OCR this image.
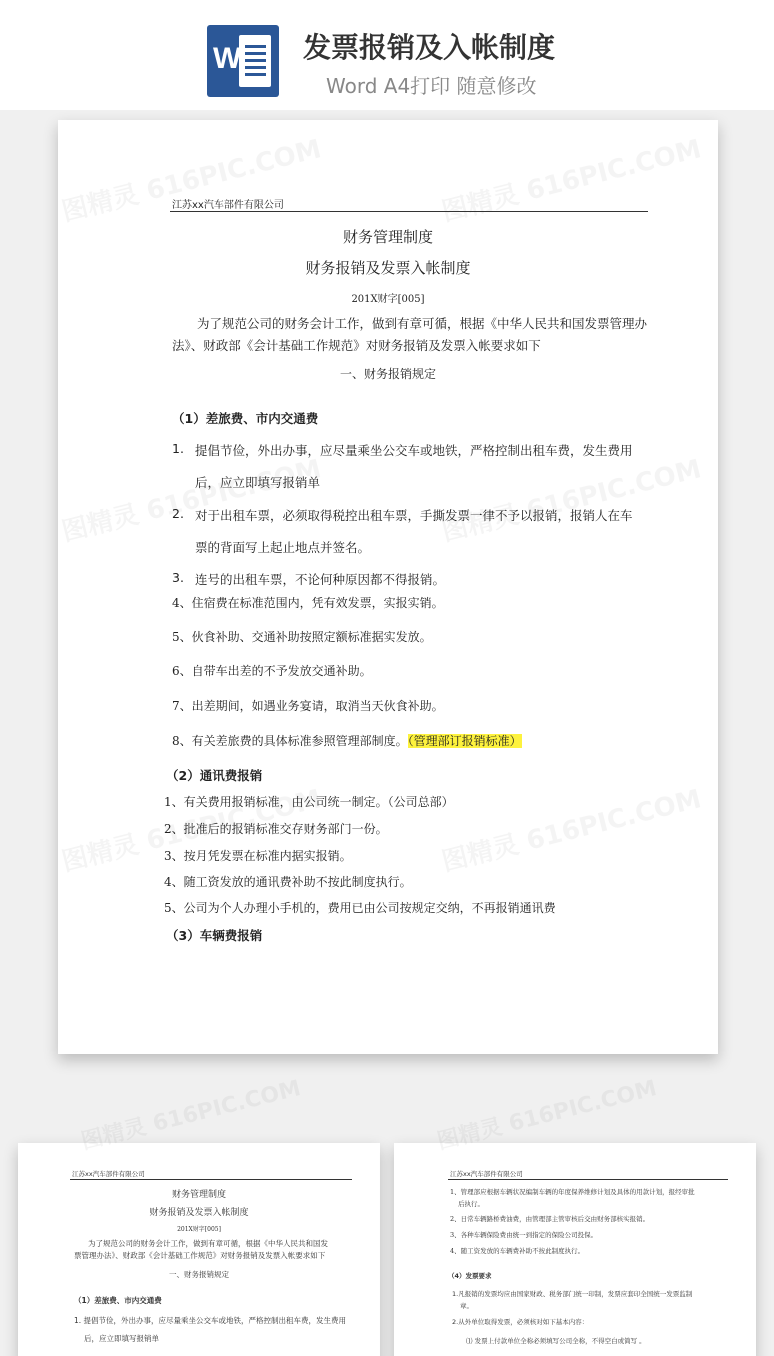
W 发票报销及入帐制度
Word A4打印 随意修改
江苏xx汽车部件有限公司
财务管理制度
财务报销及发票入帐制度
201X财字[005]
为了规范公司的财务会计工作，做到有章可循，根据《中华人民共和国发票管理办法》、财政部《会计基础工作规范》对财务报销及发票入帐要求如下
一、财务报销规定
（1）差旅费、市内交通费
1. 提倡节俭，外出办事，应尽量乘坐公交车或地铁，严格控制出租车费，发生费用
后，应立即填写报销单
2. 对于出租车票，必须取得税控出租车票，手撕发票一律不予以报销，报销人在车
票的背面写上起止地点并签名。
3. 连号的出租车票，不论何种原因都不得报销。
4、住宿费在标准范围内，凭有效发票，实报实销。
5、伙食补助、交通补助按照定额标准据实发放。
6、自带车出差的不予发放交通补助。
7、出差期间，如遇业务宴请，取消当天伙食补助。
8、有关差旅费的具体标准参照管理部制度。（管理部订报销标准）
（2）通讯费报销
1、有关费用报销标准，由公司统一制定。（公司总部）
2、批准后的报销标准交存财务部门一份。
3、按月凭发票在标准内据实报销。
4、随工资发放的通讯费补助不按此制度执行。
5、公司为个人办理小手机的，费用已由公司按规定交纳，不再报销通讯费
（3）车辆费报销
江苏xx汽车部件有限公司
财务管理制度
财务报销及发票入帐制度
201X财字[005]
为了规范公司的财务会计工作，做到有章可循，根据《中华人民共和国发票管理办法》、财政部《会计基础工作规范》对财务报销及发票入帐要求如下
一、财务报销规定
（1）差旅费、市内交通费
1. 提倡节俭，外出办事，应尽量乘坐公交车或地铁，严格控制出租车费，发生费用
后，应立即填写报销单
江苏xx汽车部件有限公司
1、管理部应根据车辆状况编制车辆的年度保养维修计划及具体的用款计划，报经审批
后执行。
2、日常车辆路桥费油费，由管理部主管审核后交由财务部核实报销。
3、各种车辆保险费由统一到指定的保险公司投保。
4、随工资发放的车辆费补助不按此制度执行。
（4）发票要求
1.凡报销的发票均应由国家财政、税务部门统一印制，发票应套印全国统一发票监制
章。
2.从外单位取得发票，必须核对如下基本内容：
⑴ 发票上付款单位全称必须填写公司全称，不得空白或简写 。
